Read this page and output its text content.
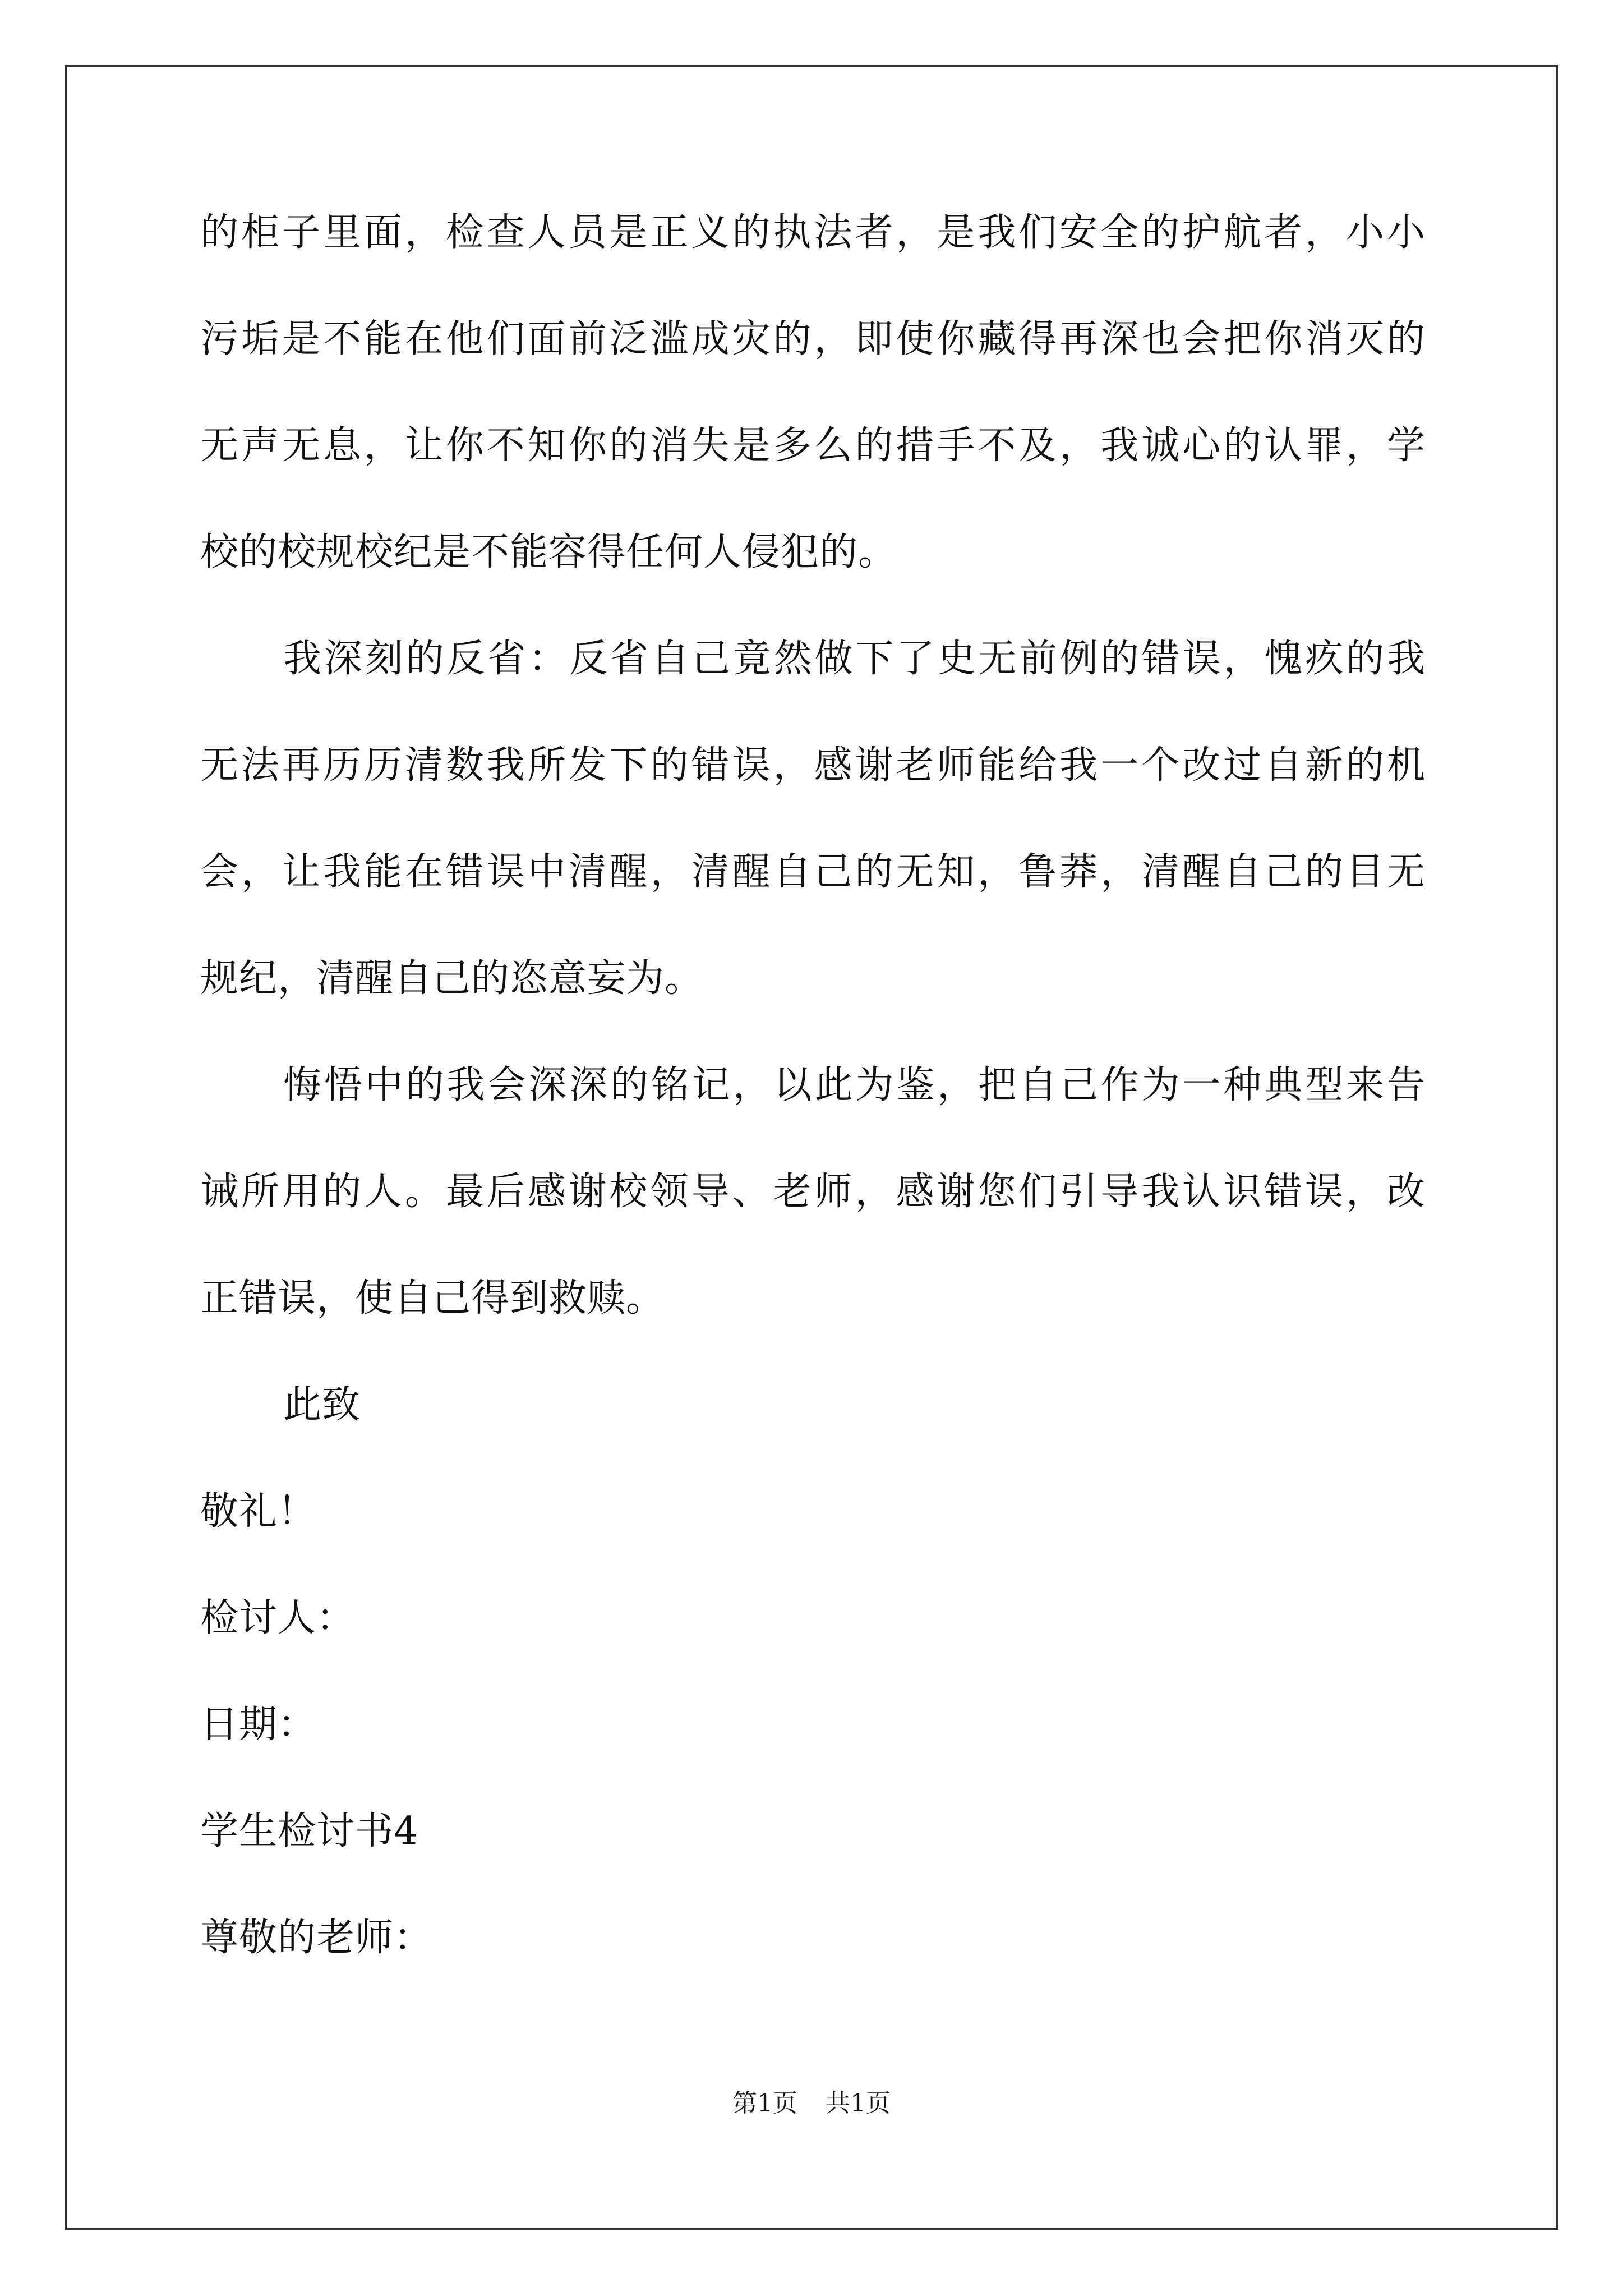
的柜子里面，检查人员是正义的执法者，是我们安全的护航者，小小
污垢是不能在他们面前泛滥成灾的，即使你藏得再深也会把你消灭的
无声无息，让你不知你的消失是多么的措手不及，我诚心的认罪，学
校的校规校纪是不能容得任何人侵犯的。
我深刻的反省：反省自己竟然做下了史无前例的错误，愧疚的我
无法再历历清数我所发下的错误，感谢老师能给我一个改过自新的机
会，让我能在错误中清醒，清醒自己的无知，鲁莽，清醒自己的目无
规纪，清醒自己的恣意妄为。
悔悟中的我会深深的铭记，以此为鉴，把自己作为一种典型来告
诫所用的人。最后感谢校领导、老师，感谢您们引导我认识错误，改
正错误，使自己得到救赎。
此致
敬礼！
检讨人：
日期：
学生检讨书4
尊敬的老师：
第1页 共1页
